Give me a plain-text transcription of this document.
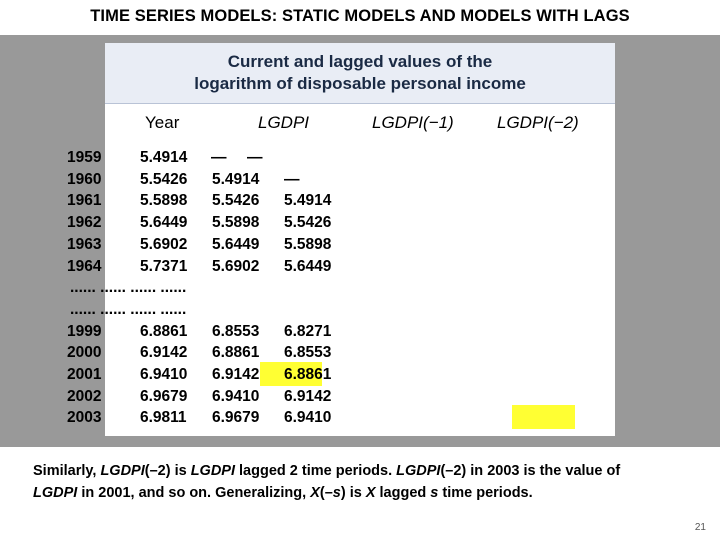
TIME SERIES MODELS: STATIC MODELS AND MODELS WITH LAGS
Current and lagged values of the
logarithm of disposable personal income
Year	LGDPI	LGDPI(−1)	LGDPI(−2)
1959 5.4914 — —
1960 5.5426 5.4914 —
1961 5.5898 5.5426 5.4914
1962 5.6449 5.5898 5.5426
1963 5.6902 5.6449 5.5898
1964 5.7371 5.6902 5.6449
...... ...... ...... ......
...... ...... ...... ......
1999 6.8861 6.8553 6.8271
2000 6.9142 6.8861 6.8553
2001 6.9410 6.9142 6.8861
2002 6.9679 6.9410 6.9142
2003 6.9811 6.9679 6.9410
Similarly, LGDPI(–2) is LGDPI lagged 2 time periods. LGDPI(–2) in 2003 is the value of
LGDPI in 2001, and so on. Generalizing, X(–s) is X lagged s time periods.
21
